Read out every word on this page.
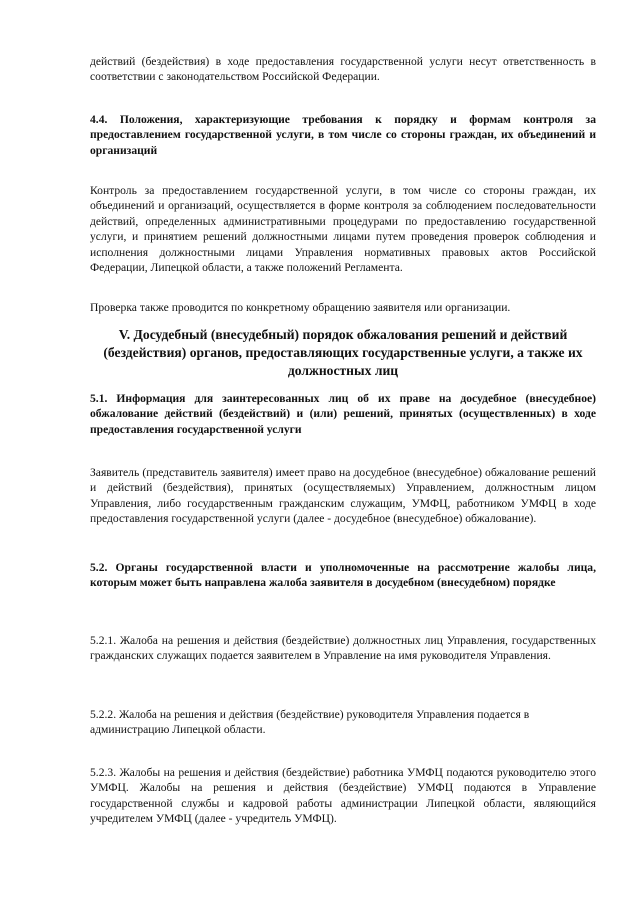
действий (бездействия) в ходе предоставления государственной услуги несут ответственность в соответствии с законодательством Российской Федерации.

4.4. Положения, характеризующие требования к порядку и формам контроля за предоставлением государственной услуги, в том числе со стороны граждан, их объединений и организаций

Контроль за предоставлением государственной услуги, в том числе со стороны граждан, их объединений и организаций, осуществляется в форме контроля за соблюдением последовательности действий, определенных административными процедурами по предоставлению государственной услуги, и принятием решений должностными лицами путем проведения проверок соблюдения и исполнения должностными лицами Управления нормативных правовых актов Российской Федерации, Липецкой области, а также положений Регламента.

Проверка также проводится по конкретному обращению заявителя или организации.

V. Досудебный (внесудебный) порядок обжалования решений и действий (бездействия) органов, предоставляющих государственные услуги, а также их должностных лиц

5.1. Информация для заинтересованных лиц об их праве на досудебное (внесудебное) обжалование действий (бездействий) и (или) решений, принятых (осуществленных) в ходе предоставления государственной услуги

Заявитель (представитель заявителя) имеет право на досудебное (внесудебное) обжалование решений и действий (бездействия), принятых (осуществляемых) Управлением, должностным лицом Управления, либо государственным гражданским служащим, УМФЦ, работником УМФЦ в ходе предоставления государственной услуги (далее - досудебное (внесудебное) обжалование).

5.2. Органы государственной власти и уполномоченные на рассмотрение жалобы лица, которым может быть направлена жалоба заявителя в досудебном (внесудебном) порядке

5.2.1. Жалоба на решения и действия (бездействие) должностных лиц Управления, государственных гражданских служащих подается заявителем в Управление на имя руководителя Управления.

5.2.2. Жалоба на решения и действия (бездействие) руководителя Управления подается в администрацию Липецкой области.

5.2.3. Жалобы на решения и действия (бездействие) работника УМФЦ подаются руководителю этого УМФЦ. Жалобы на решения и действия (бездействие) УМФЦ подаются в Управление государственной службы и кадровой работы администрации Липецкой области, являющийся учредителем УМФЦ (далее - учредитель УМФЦ).
